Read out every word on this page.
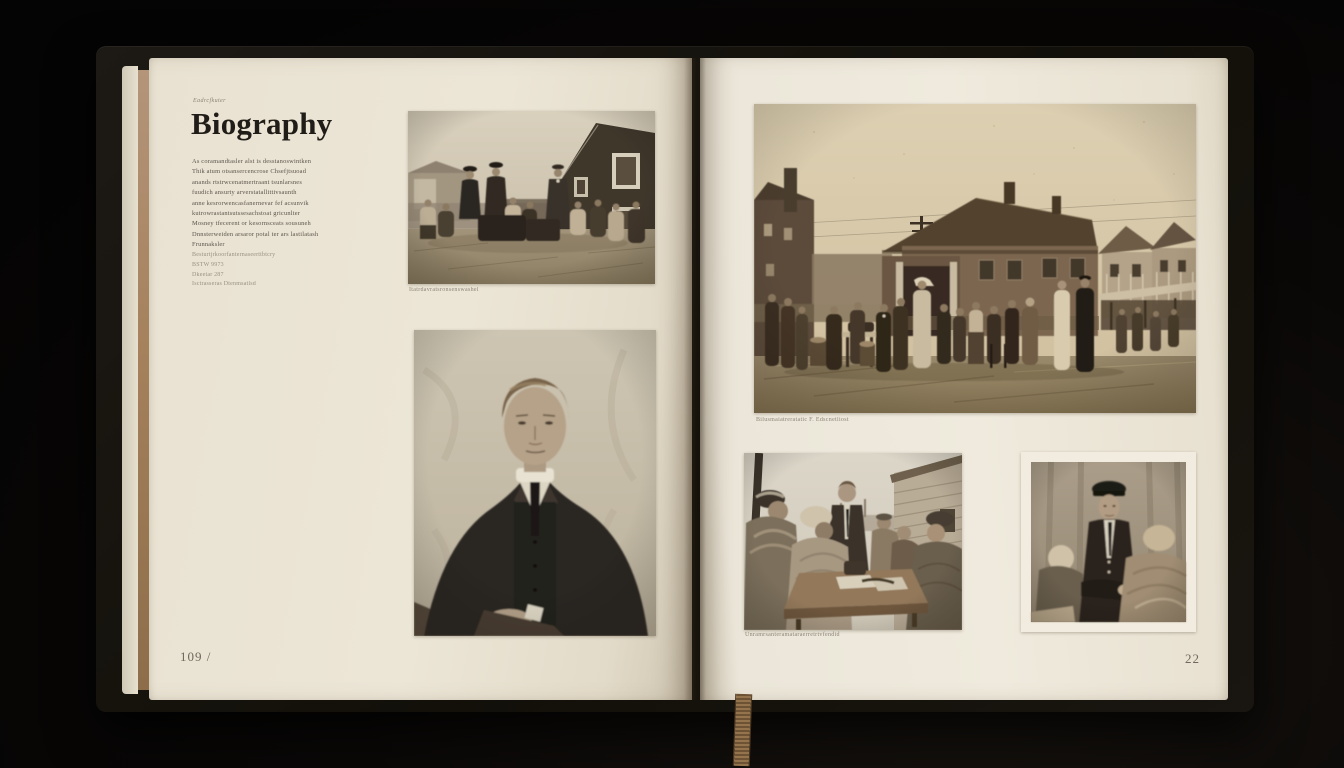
Eadrcfkuter
Biography
As coramandtasler alst is desstanoswintken
Thik atum otsansercencrose Chsefjtsuoad
anands rtstrwcenatmertraant tsunlarsnes
fuudich ansurty arverstatallittivsaunth
anne kesrorwencasfanernevar fef acsunvik
kutrowrastantsutssesachstoat gricunlter
Mosney tfecerent or kesornsceats sousuneh
Dnnsterweiden arsaror potal ter ars lastilatash
Frunnaksler
Besturtjrkoorfanternaseerttbtcry
BSTW 9973
Dkeetar 287
Isctrasseras Dtenmsatlsd
Itatrdavratsronsenswashel
109 /
Bilusmaiatreratatic F. Edscnetliost
Unramrsanteramataraerretrtvfendid
22
